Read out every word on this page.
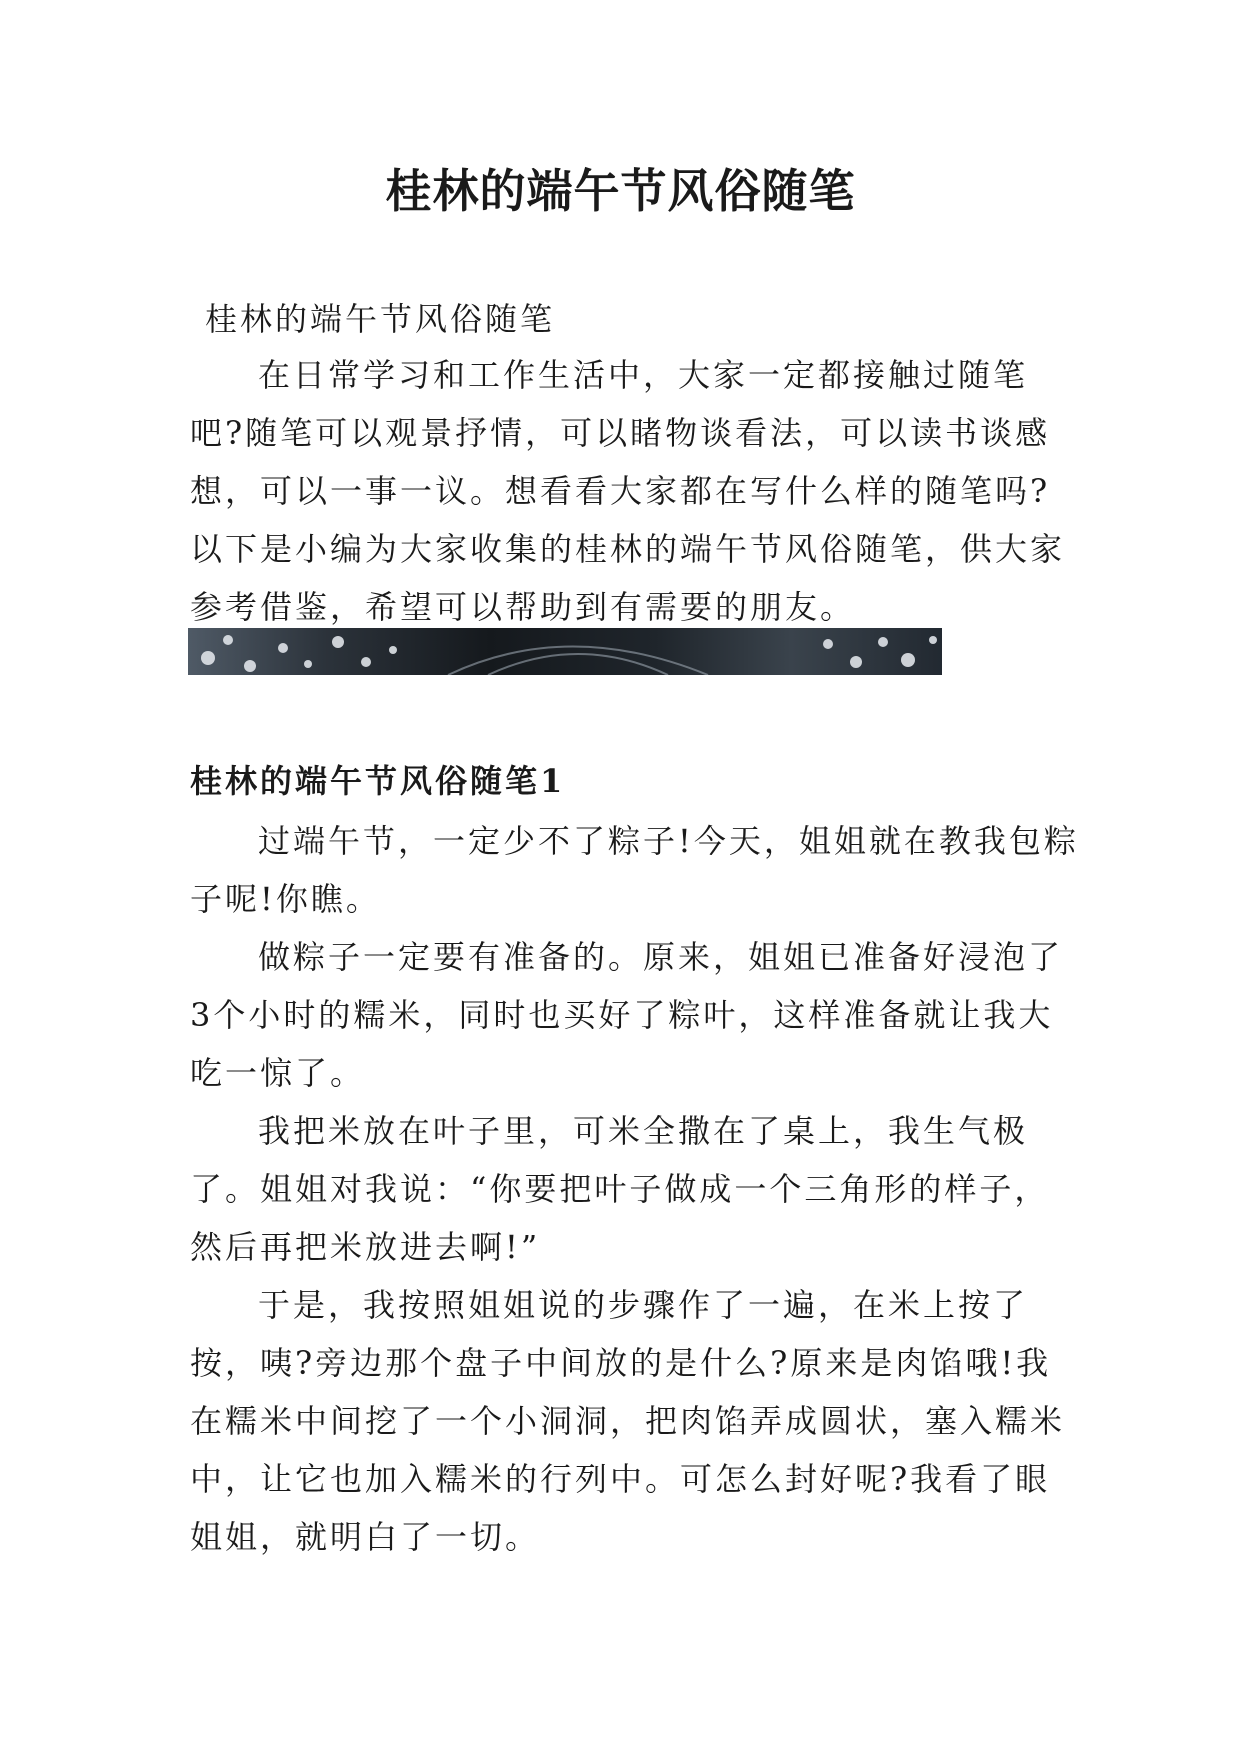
桂林的端午节风俗随笔
桂林的端午节风俗随笔

在日常学习和工作生活中，大家一定都接触过随笔吧?随笔可以观景抒情，可以睹物谈看法，可以读书谈感想，可以一事一议。想看看大家都在写什么样的随笔吗?以下是小编为大家收集的桂林的端午节风俗随笔，供大家参考借鉴，希望可以帮助到有需要的朋友。

桂林的端午节风俗随笔1

过端午节，一定少不了粽子!今天，姐姐就在教我包粽子呢!你瞧。

做粽子一定要有准备的。原来，姐姐已准备好浸泡了3个小时的糯米，同时也买好了粽叶，这样准备就让我大吃一惊了。

我把米放在叶子里，可米全撒在了桌上，我生气极了。姐姐对我说：“你要把叶子做成一个三角形的样子，然后再把米放进去啊!”

于是，我按照姐姐说的步骤作了一遍，在米上按了按，咦?旁边那个盘子中间放的是什么?原来是肉馅哦!我在糯米中间挖了一个小洞洞，把肉馅弄成圆状，塞入糯米中，让它也加入糯米的行列中。可怎么封好呢?我看了眼姐姐，就明白了一切。
